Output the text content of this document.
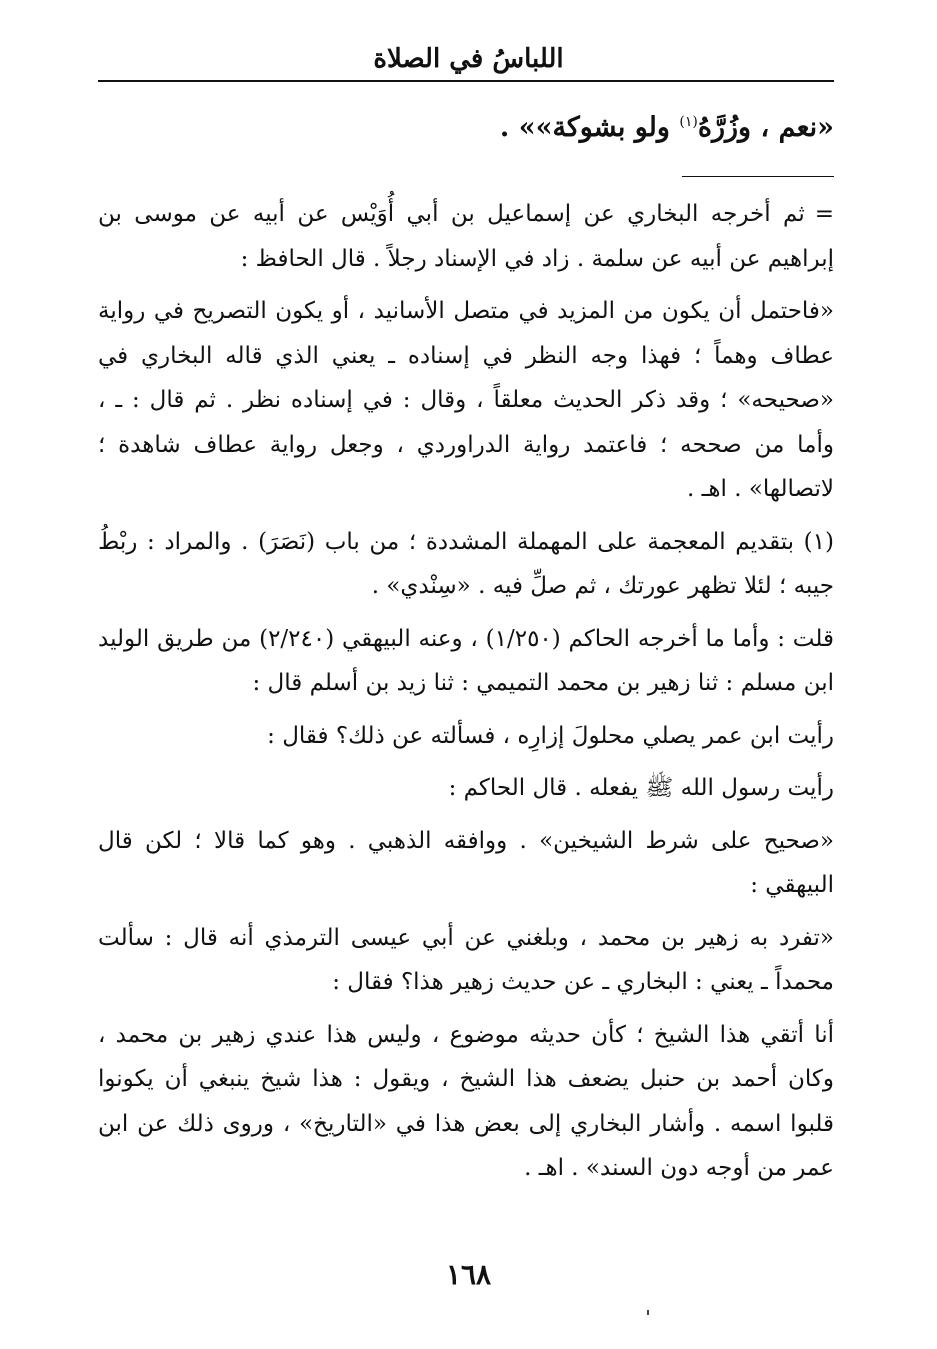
اللباسُ في الصلاة
«نعم ، وزُرَّهُ$^{(١)}$ ولو بشوكة»» .

=ثم أخرجه البخاري عن إسماعيل بن أبي أُوَيْس عن أبيه عن موسى بن إبراهيم عن أبيه عن سلمة . زاد في الإسناد رجلاً . قال الحافظ :

«فاحتمل أن يكون من المزيد في متصل الأسانيد ، أو يكون التصريح في رواية عطاف وهماً ؛ فهذا وجه النظر في إسناده ـ يعني الذي قاله البخاري في «صحيحه» ؛ وقد ذكر الحديث معلقاً ، وقال : في إسناده نظر . ثم قال : ـ ، وأما من صححه ؛ فاعتمد رواية الدراوردي ، وجعل رواية عطاف شاهدة ؛ لاتصالها» . اهـ .

(١) بتقديم المعجمة على المهملة المشددة ؛ من باب (نَصَرَ) . والمراد : ربْطُ جيبه ؛ لئلا تظهر عورتك ، ثم صلِّ فيه . «سِنْدي» .

قلت : وأما ما أخرجه الحاكم (١/٢٥٠) ، وعنه البيهقي (٢/٢٤٠) من طريق الوليد ابن مسلم : ثنا زهير بن محمد التميمي : ثنا زيد بن أسلم قال :

رأيت ابن عمر يصلي محلولَ إزارِه ، فسألته عن ذلك؟ فقال :

رأيت رسول الله ﷺ يفعله . قال الحاكم :

«صحيح على شرط الشيخين» . ووافقه الذهبي . وهو كما قالا ؛ لكن قال البيهقي :

«تفرد به زهير بن محمد ، وبلغني عن أبي عيسى الترمذي أنه قال : سألت محمداً ـ يعني : البخاري ـ عن حديث زهير هذا؟ فقال :

أنا أتقي هذا الشيخ ؛ كأن حديثه موضوع ، وليس هذا عندي زهير بن محمد ، وكان أحمد بن حنبل يضعف هذا الشيخ ، ويقول : هذا شيخ ينبغي أن يكونوا قلبوا اسمه . وأشار البخاري إلى بعض هذا في «التاريخ» ، وروى ذلك عن ابن عمر من أوجه دون السند» . اهـ .

١٦٨
